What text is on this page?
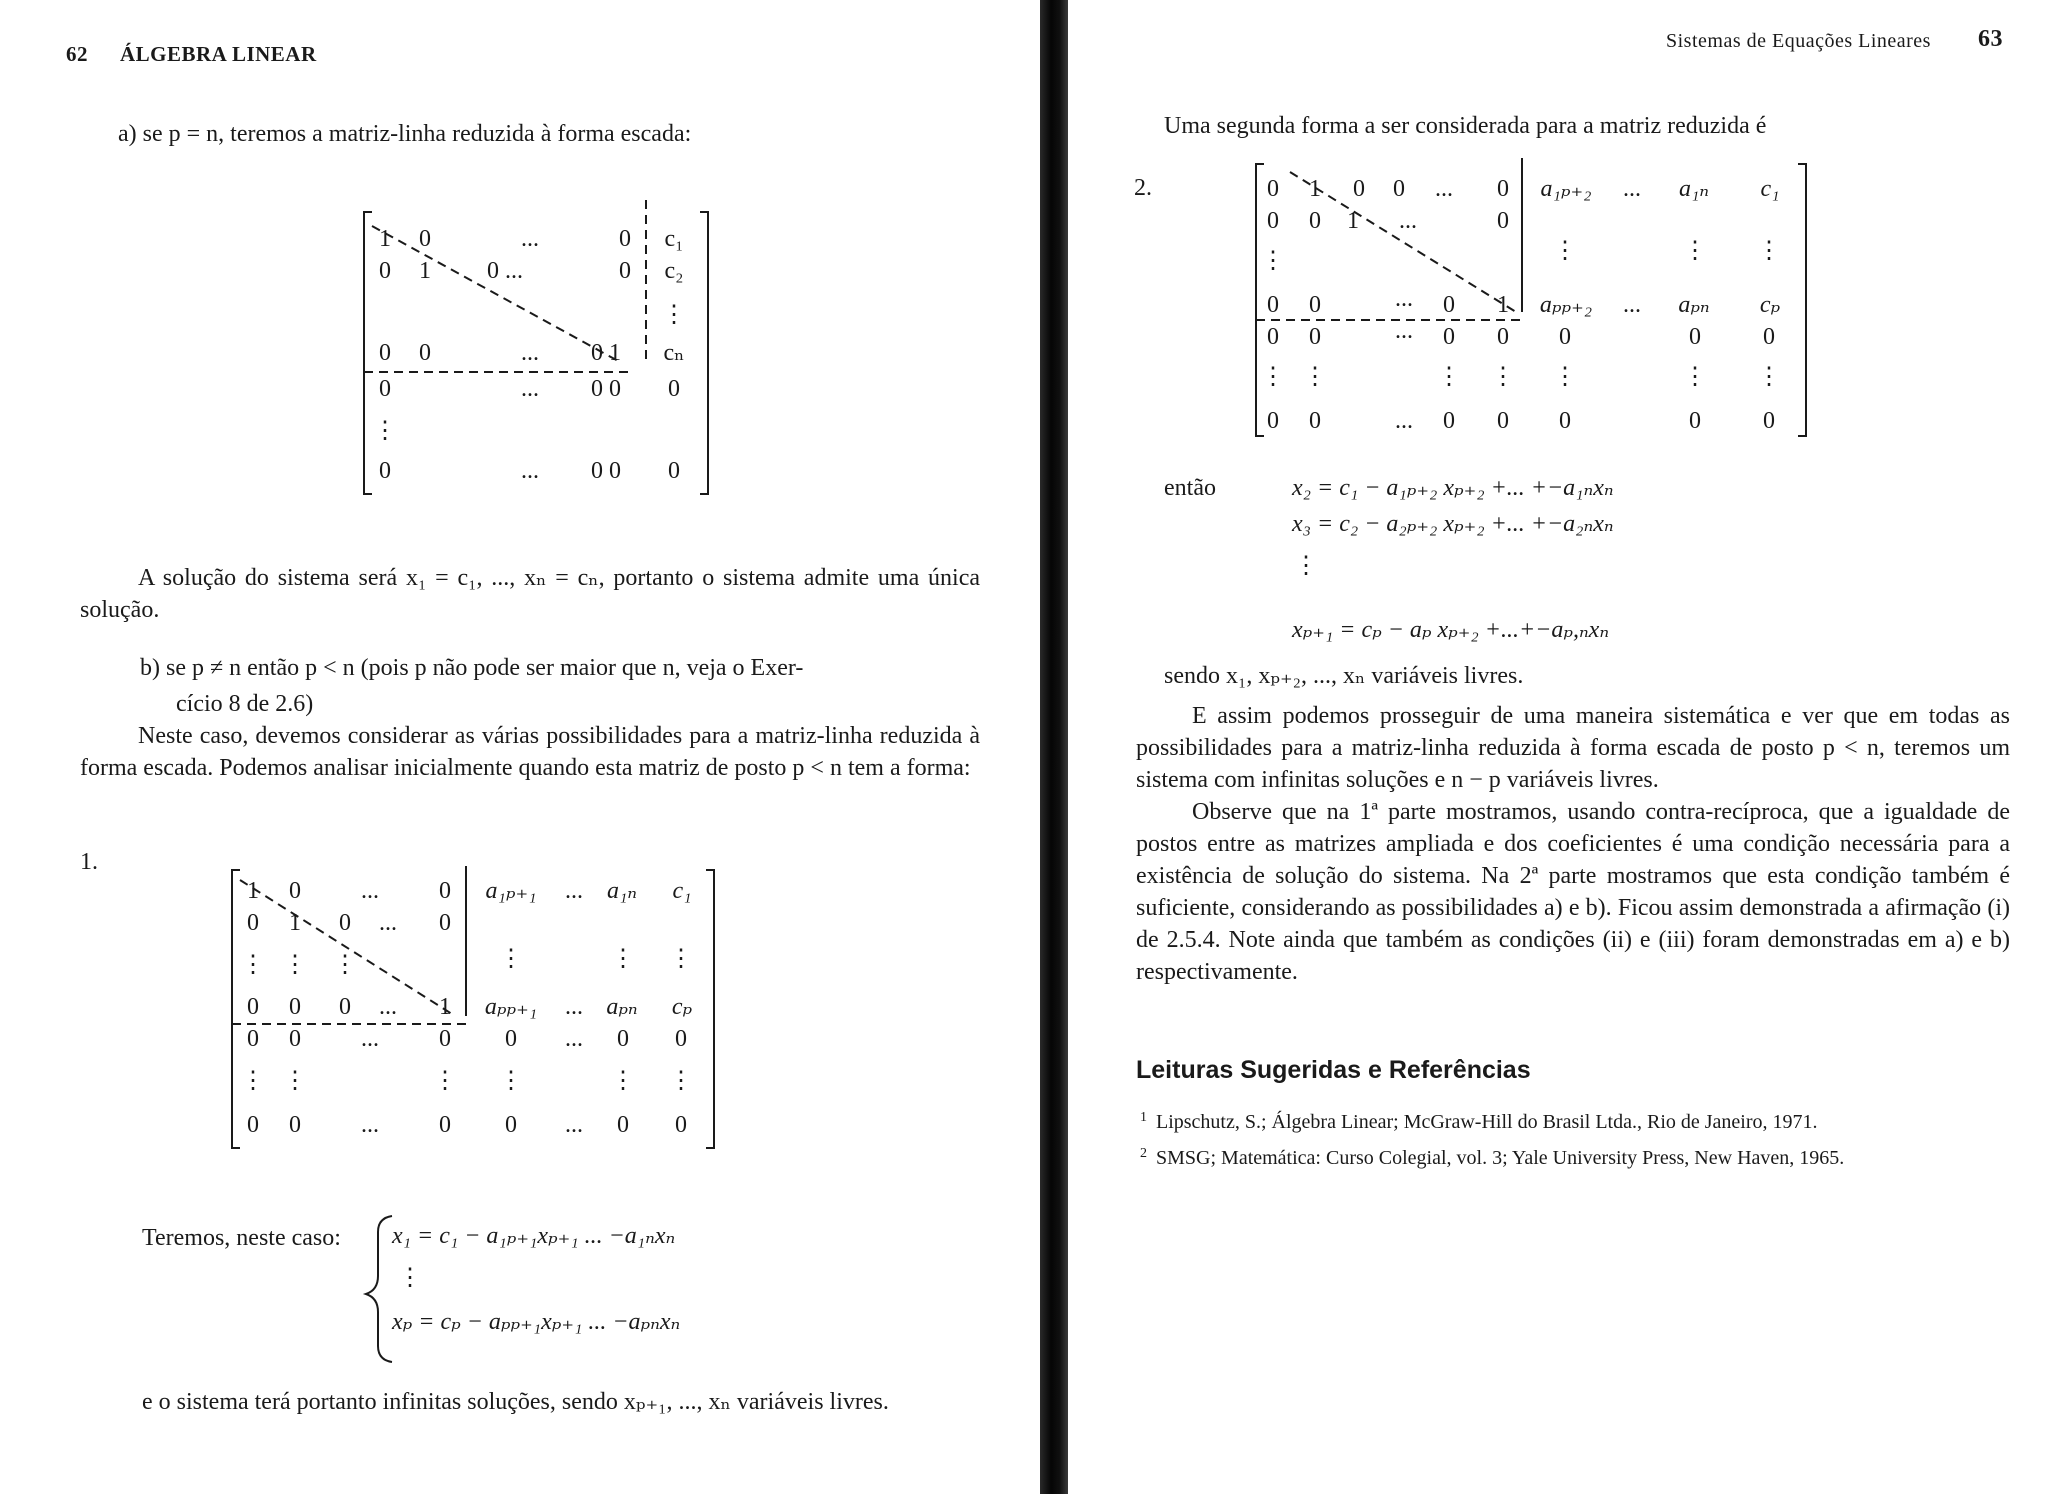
62 ÁLGEBRA LINEAR
a) se p = n, teremos a matriz-linha reduzida à forma escada:
1	0	...	0	c₁
0	1	0 ...	0	c₂
⋮
0	0	...	0 1	cₙ
0	...	0 0	0
⋮
0	...	0 0	0
A solução do sistema será x₁ = c₁, ..., xₙ = cₙ, portanto o sistema admite uma única solução.
b) se p ≠ n então p < n (pois p não pode ser maior que n, veja o Exer-
cício 8 de 2.6)
Neste caso, devemos considerar as várias possibilidades para a matriz-linha reduzida à forma escada. Podemos analisar inicialmente quando esta matriz de posto p < n tem a forma:
1.
1	0	...	0	a₁ₚ₊₁	... a₁ₙ	c₁
0	1	0	...	0
⋮ ⋮ ⋮	⋮	⋮ ⋮
0	0	0	...	1	aₚₚ₊₁	... aₚₙ	cₚ
0	0	...	0	0	...	0	0
⋮ ⋮	⋮ ⋮	⋮ ⋮
0	0	...	0	0	...	0	0
Teremos, neste caso: x₁ = c₁ − a₁ₚ₊₁xₚ₊₁ ... −a₁ₙxₙ
⋮
xₚ = cₚ − aₚₚ₊₁xₚ₊₁ ... −aₚₙxₙ
e o sistema terá portanto infinitas soluções, sendo xₚ₊₁, ..., xₙ variáveis livres.
Sistemas de Equações Lineares 63
Uma segunda forma a ser considerada para a matriz reduzida é
2.	0	1	0	0	...	0	a₁ₚ₊₂	...	a₁ₙ	c₁
0	0	1	...	0
⋮	⋮	⋮ ⋮
0	0	...	0	1	aₚₚ₊₂	...	aₚₙ	cₚ
0	0	...	0	0	0	0	0
⋮ ⋮	⋮ ⋮ ⋮	⋮ ⋮
0	0	...	0	0	0	0	0
então	x₂ = c₁ − a₁ₚ₊₂ xₚ₊₂ +... +−a₁ₙxₙ
x₃ = c₂ − a₂ₚ₊₂ xₚ₊₂ +... +−a₂ₙxₙ
⋮
xₚ₊₁ = cₚ − aₚ xₚ₊₂ +...+−aₚ,ₙxₙ
sendo x₁, xₚ₊₂, ..., xₙ variáveis livres.
E assim podemos prosseguir de uma maneira sistemática e ver que em todas as possibilidades para a matriz-linha reduzida à forma escada de posto p < n, teremos um sistema com infinitas soluções e n − p variáveis livres.
Observe que na 1ª parte mostramos, usando contra-recíproca, que a igualdade de postos entre as matrizes ampliada e dos coeficientes é uma condição necessária para a existência de solução do sistema. Na 2ª parte mostramos que esta condição também é suficiente, considerando as possibilidades a) e b). Ficou assim demonstrada a afirmação (i) de 2.5.4. Note ainda que também as condições (ii) e (iii) foram demonstradas em a) e b) respectivamente.
Leituras Sugeridas e Referências
1 Lipschutz, S.; Álgebra Linear; McGraw-Hill do Brasil Ltda., Rio de Janeiro, 1971.
2 SMSG; Matemática: Curso Colegial, vol. 3; Yale University Press, New Haven, 1965.
